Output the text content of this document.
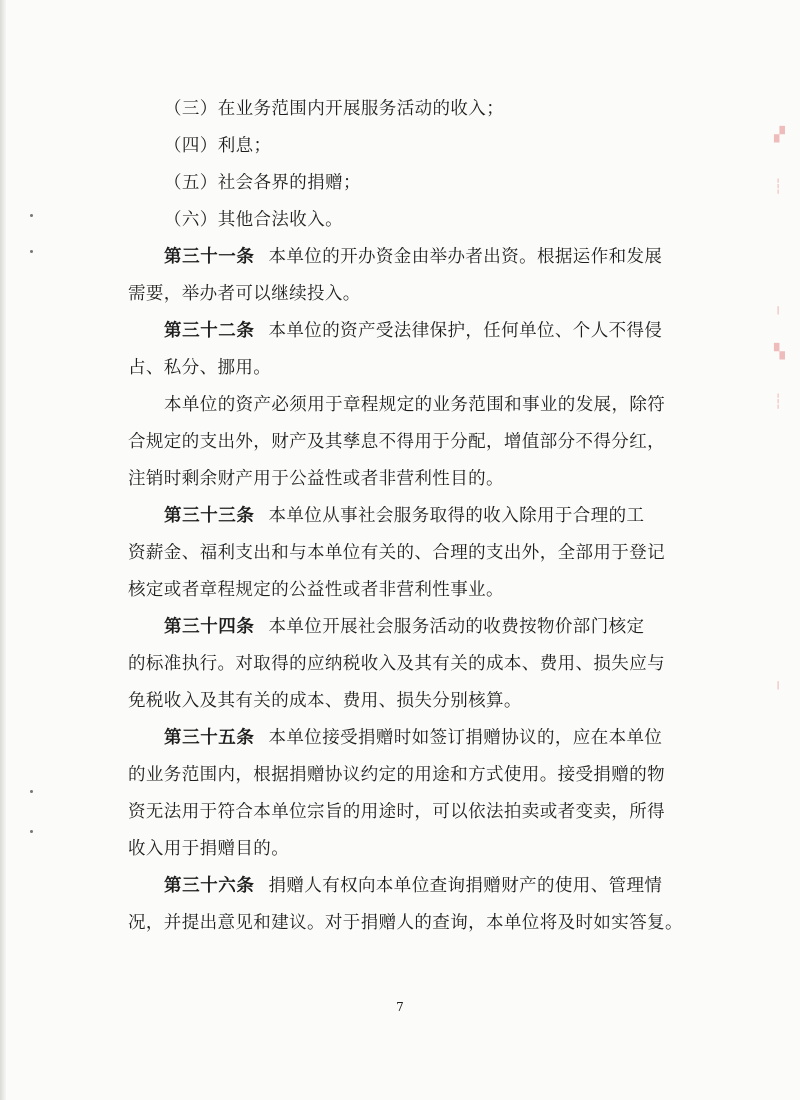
▞
┆
╷
▚
┆
╷
（三）在业务范围内开展服务活动的收入；
（四）利息；
（五）社会各界的捐赠；
（六）其他合法收入。
第三十一条 本单位的开办资金由举办者出资。根据运作和发展
需要，举办者可以继续投入。
第三十二条 本单位的资产受法律保护，任何单位、个人不得侵
占、私分、挪用。
本单位的资产必须用于章程规定的业务范围和事业的发展，除符
合规定的支出外，财产及其孳息不得用于分配，增值部分不得分红，
注销时剩余财产用于公益性或者非营利性目的。
第三十三条 本单位从事社会服务取得的收入除用于合理的工
资薪金、福利支出和与本单位有关的、合理的支出外，全部用于登记
核定或者章程规定的公益性或者非营利性事业。
第三十四条 本单位开展社会服务活动的收费按物价部门核定
的标准执行。对取得的应纳税收入及其有关的成本、费用、损失应与
免税收入及其有关的成本、费用、损失分别核算。
第三十五条 本单位接受捐赠时如签订捐赠协议的，应在本单位
的业务范围内，根据捐赠协议约定的用途和方式使用。接受捐赠的物
资无法用于符合本单位宗旨的用途时，可以依法拍卖或者变卖，所得
收入用于捐赠目的。
第三十六条 捐赠人有权向本单位查询捐赠财产的使用、管理情
况，并提出意见和建议。对于捐赠人的查询，本单位将及时如实答复。
7
